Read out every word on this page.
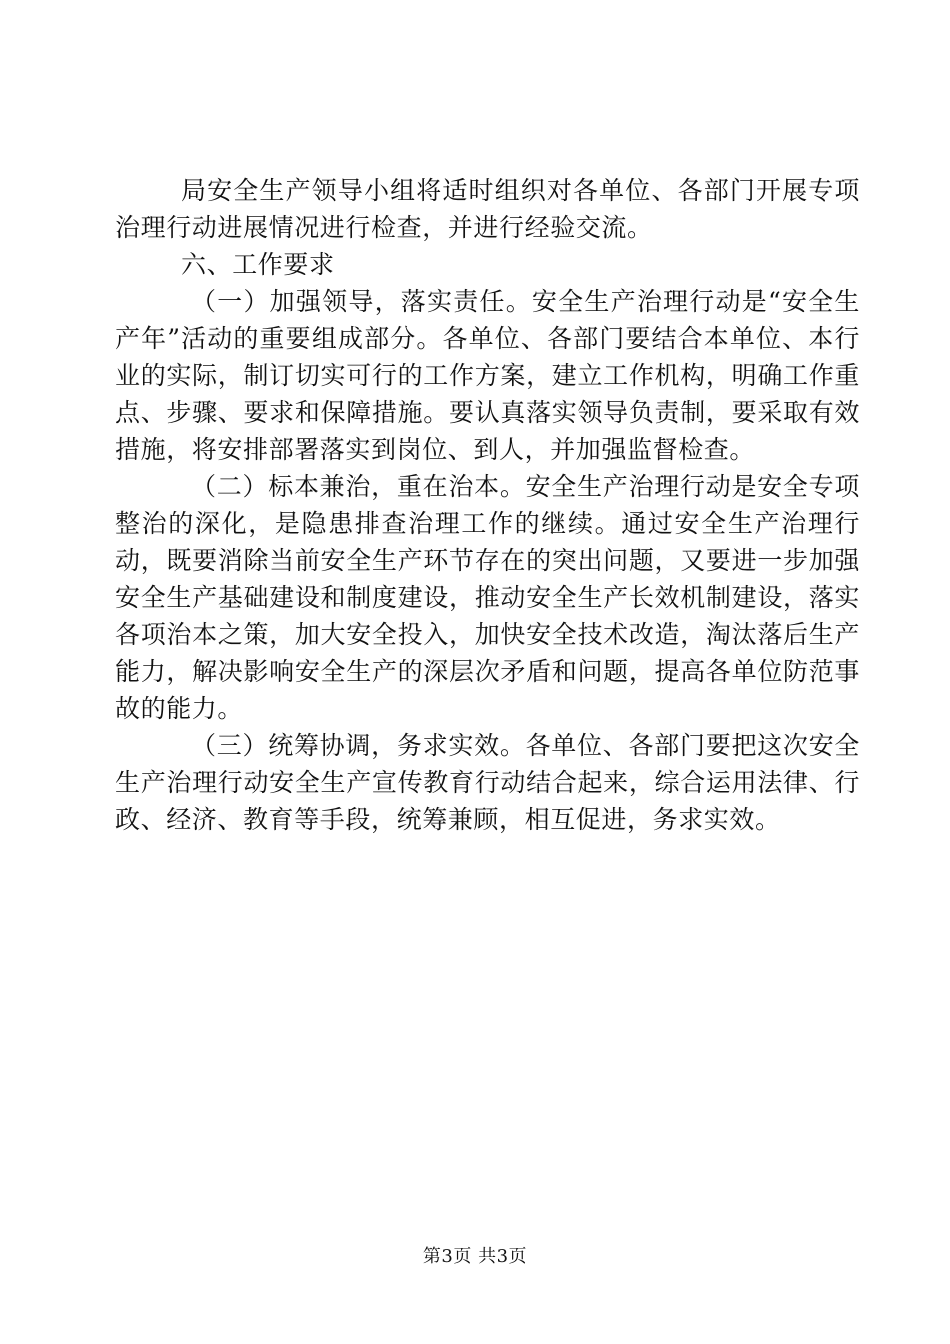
局安全生产领导小组将适时组织对各单位、各部门开展专项治理行动进展情况进行检查，并进行经验交流。

六、工作要求

（一）加强领导，落实责任。安全生产治理行动是“安全生产年”活动的重要组成部分。各单位、各部门要结合本单位、本行业的实际，制订切实可行的工作方案，建立工作机构，明确工作重点、步骤、要求和保障措施。要认真落实领导负责制，要采取有效措施，将安排部署落实到岗位、到人，并加强监督检查。

（二）标本兼治，重在治本。安全生产治理行动是安全专项整治的深化，是隐患排查治理工作的继续。通过安全生产治理行动，既要消除当前安全生产环节存在的突出问题，又要进一步加强安全生产基础建设和制度建设，推动安全生产长效机制建设，落实各项治本之策，加大安全投入，加快安全技术改造，淘汰落后生产能力，解决影响安全生产的深层次矛盾和问题，提高各单位防范事故的能力。

（三）统筹协调，务求实效。各单位、各部门要把这次安全生产治理行动安全生产宣传教育行动结合起来，综合运用法律、行政、经济、教育等手段，统筹兼顾，相互促进，务求实效。

第3页 共3页
